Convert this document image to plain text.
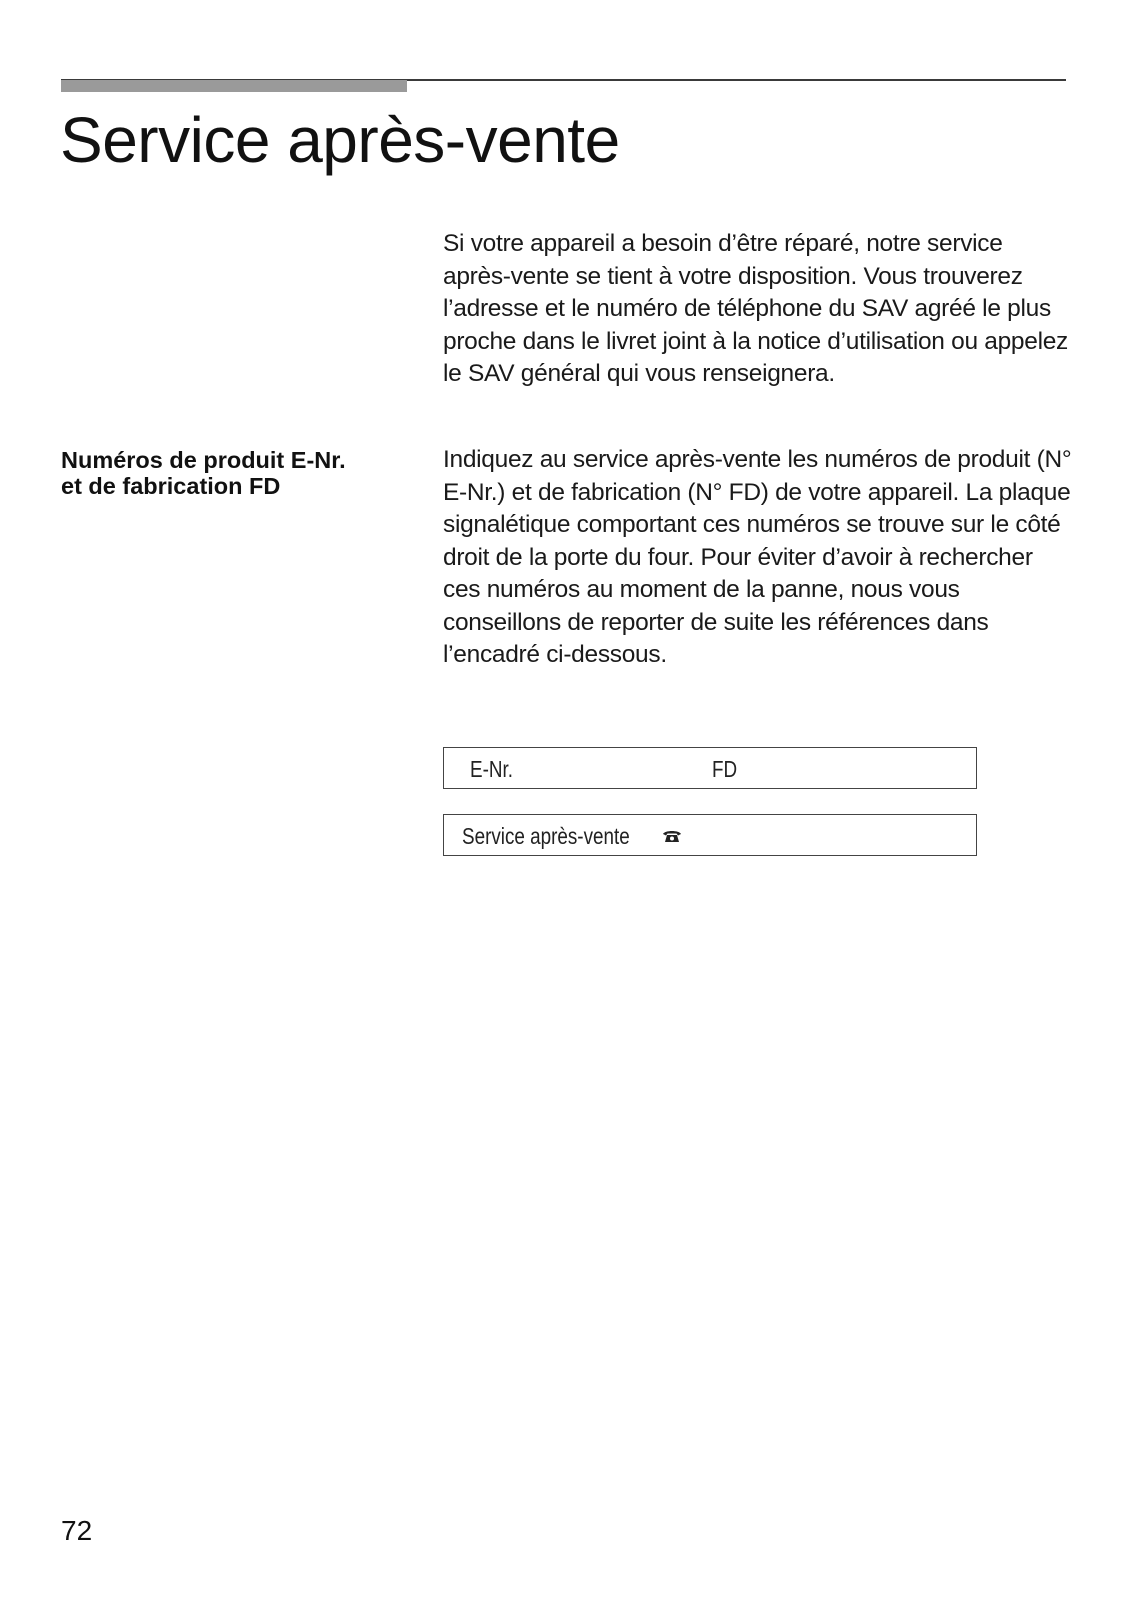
Service après-vente

Si votre appareil a besoin d’être réparé, notre service après-vente se tient à votre disposition. Vous trouverez l’adresse et le numéro de téléphone du SAV agréé le plus proche dans le livret joint à la notice d’utilisation ou appelez le SAV général qui vous renseignera.

Numéros de produit E-Nr.
et de fabrication FD

Indiquez au service après-vente les numéros de produit (N° E-Nr.) et de fabrication (N° FD) de votre appareil. La plaque signalétique comportant ces numéros se trouve sur le côté droit de la porte du four. Pour éviter d’avoir à rechercher ces numéros au moment de la panne, nous vous conseillons de reporter de suite les références dans l’encadré ci-dessous.

E-Nr.	FD
Service après-vente

72
